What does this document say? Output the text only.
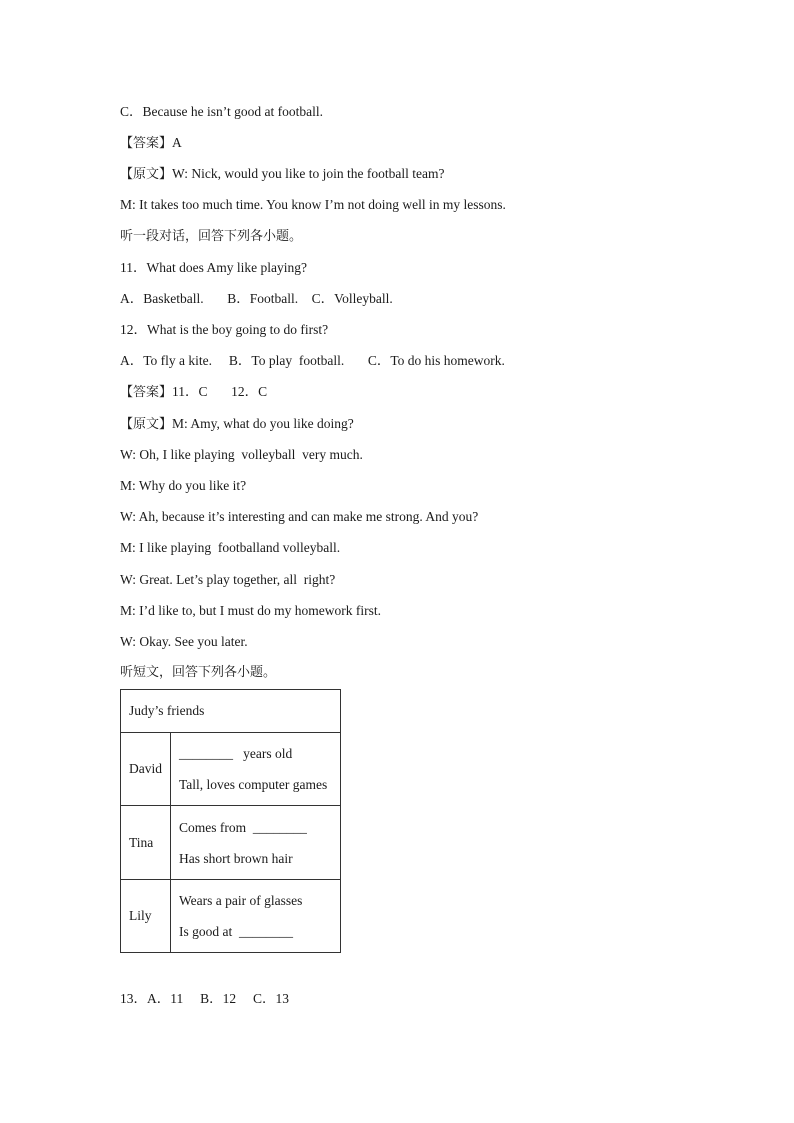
C．Because he isn’t good at football.
【答案】A
【原文】W: Nick, would you like to join the football team?
M: It takes too much time. You know I’m not doing well in my lessons.
听一段对话，回答下列各小题。
11．What does Amy like playing?
A．Basketball.       B．Football.    C．Volleyball.
12．What is the boy going to do first?
A．To fly a kite.     B．To play  football.       C．To do his homework.
【答案】11．C       12．C
【原文】M: Amy, what do you like doing?
W: Oh, I like playing  volleyball  very much.
M: Why do you like it?
W: Ah, because it’s interesting and can make me strong. And you?
M: I like playing  footballand volleyball.
W: Great. Let’s play together, all  right?
M: I’d like to, but I must do my homework first.
W: Okay. See you later.
听短文，回答下列各小题。
Judy’s friends	
David	________   years old
Tall, loves computer games

Tina	Comes from  ________
Has short brown hair

Lily	Wears a pair of glasses
Is good at  ________
13．A．11     B．12     C．13
